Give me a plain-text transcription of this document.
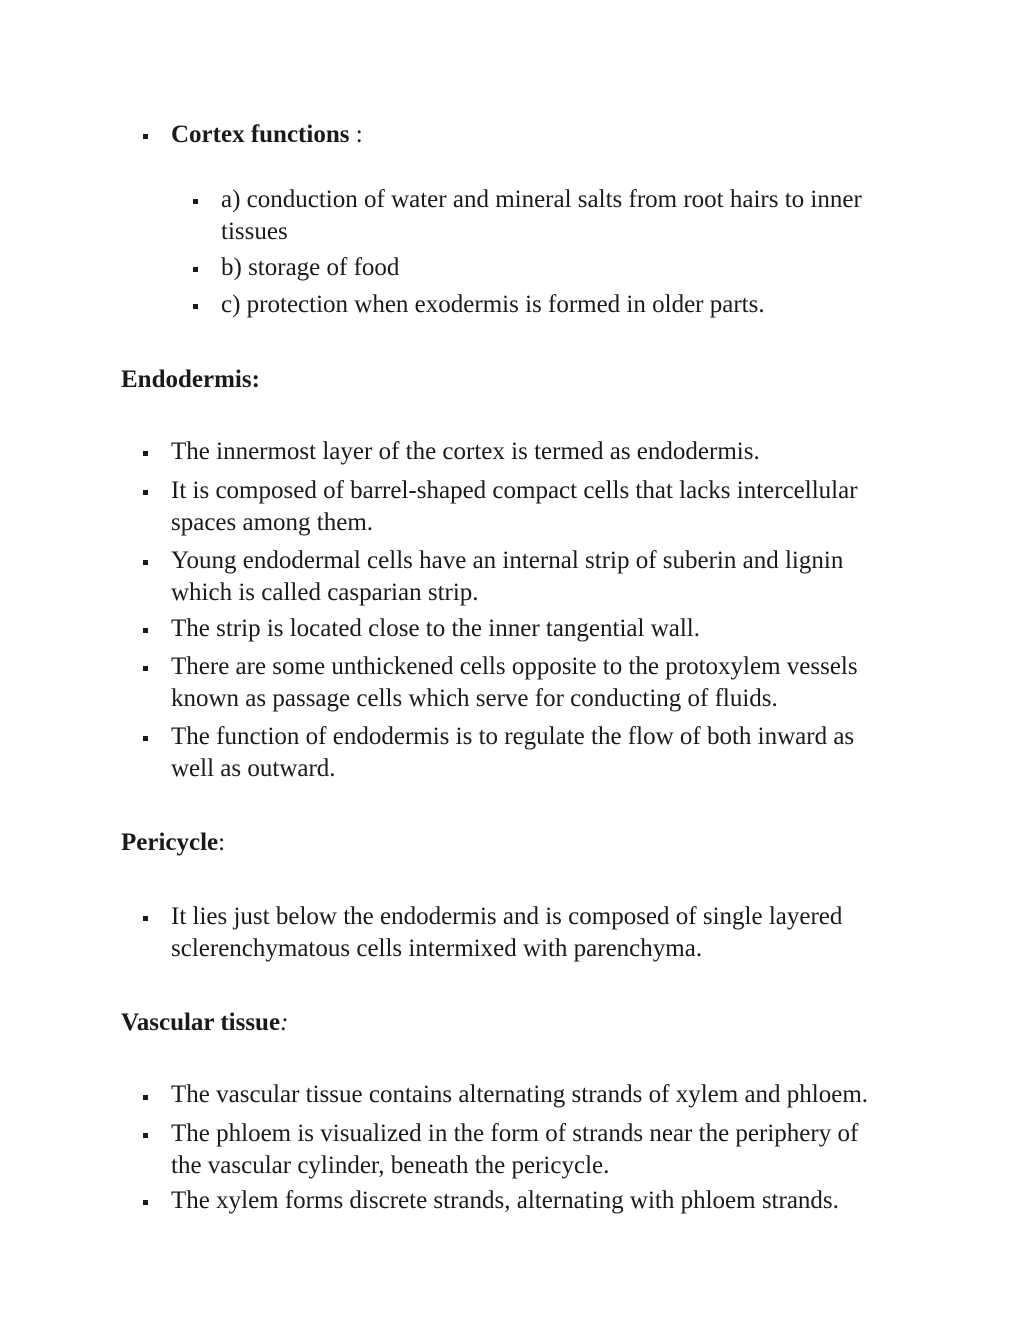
Cortex functions :
a) conduction of water and mineral salts from root hairs to inner
tissues
b) storage of food
c) protection when exodermis is formed in older parts.
Endodermis:
The innermost layer of the cortex is termed as endodermis.
It is composed of barrel-shaped compact cells that lacks intercellular
spaces among them.
Young endodermal cells have an internal strip of suberin and lignin
which is called casparian strip.
The strip is located close to the inner tangential wall.
There are some unthickened cells opposite to the protoxylem vessels
known as passage cells which serve for conducting of fluids.
The function of endodermis is to regulate the flow of both inward as
well as outward.
Pericycle:
It lies just below the endodermis and is composed of single layered
sclerenchymatous cells intermixed with parenchyma.
Vascular tissue:
The vascular tissue contains alternating strands of xylem and phloem.
The phloem is visualized in the form of strands near the periphery of
the vascular cylinder, beneath the pericycle.
The xylem forms discrete strands, alternating with phloem strands.
